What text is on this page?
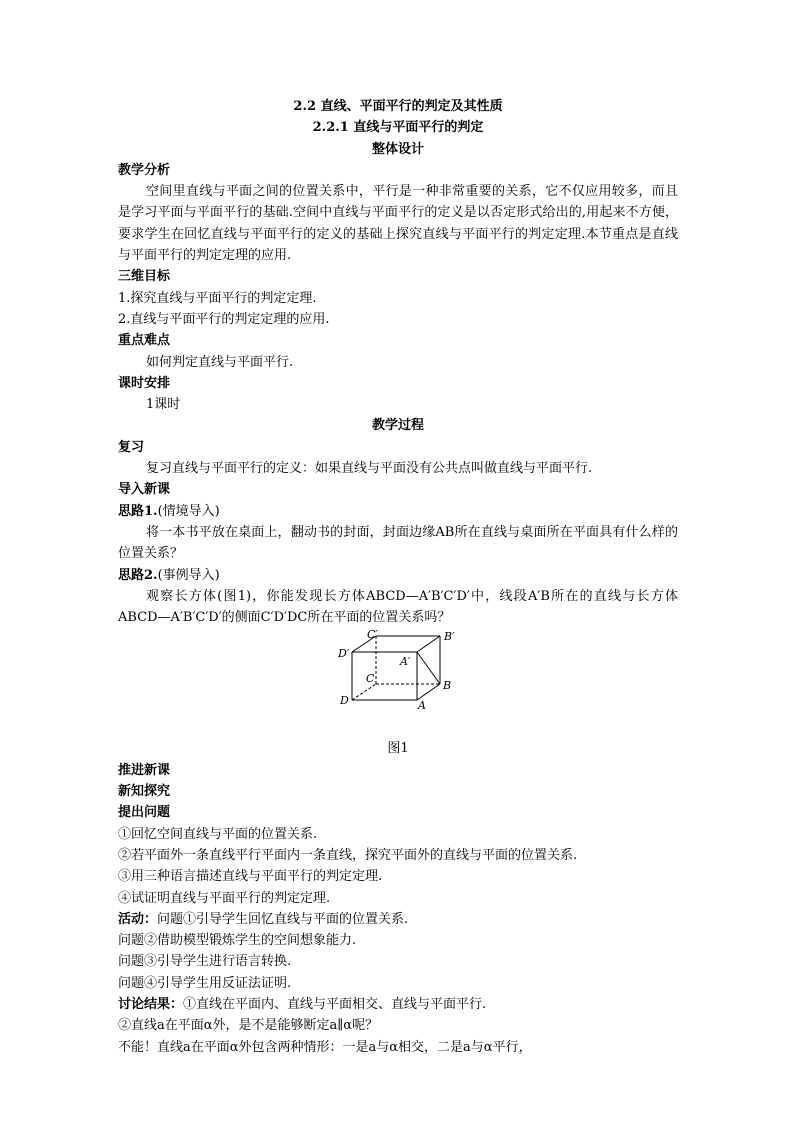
2.2 直线、平面平行的判定及其性质

2.2.1 直线与平面平行的判定

整体设计

教学分析

空间里直线与平面之间的位置关系中，平行是一种非常重要的关系，它不仅应用较多，而且是学习平面与平面平行的基础.空间中直线与平面平行的定义是以否定形式给出的,用起来不方便，要求学生在回忆直线与平面平行的定义的基础上探究直线与平面平行的判定定理.本节重点是直线与平面平行的判定定理的应用.

三维目标

1.探究直线与平面平行的判定定理.

2.直线与平面平行的判定定理的应用.

重点难点

如何判定直线与平面平行.

课时安排

1课时

教学过程

复习

复习直线与平面平行的定义：如果直线与平面没有公共点叫做直线与平面平行.

导入新课

思路1.(情境导入)

将一本书平放在桌面上，翻动书的封面，封面边缘AB所在直线与桌面所在平面具有什么样的位置关系？

思路2.(事例导入)

观察长方体(图1)，你能发现长方体ABCD—A′B′C′D′中，线段A′B所在的直线与长方体ABCD—A′B′C′D′的侧面C′D′DC所在平面的位置关系吗？

C′	B′
D′
A′
C
B
D	A

图1

推进新课

新知探究

提出问题

①回忆空间直线与平面的位置关系.

②若平面外一条直线平行平面内一条直线，探究平面外的直线与平面的位置关系.

③用三种语言描述直线与平面平行的判定定理.

④试证明直线与平面平行的判定定理.

活动：问题①引导学生回忆直线与平面的位置关系.

问题②借助模型锻炼学生的空间想象能力.

问题③引导学生进行语言转换.

问题④引导学生用反证法证明.

讨论结果：①直线在平面内、直线与平面相交、直线与平面平行.

②直线a在平面α外，是不是能够断定a∥α呢？

不能！直线a在平面α外包含两种情形：一是a与α相交，二是a与α平行，
